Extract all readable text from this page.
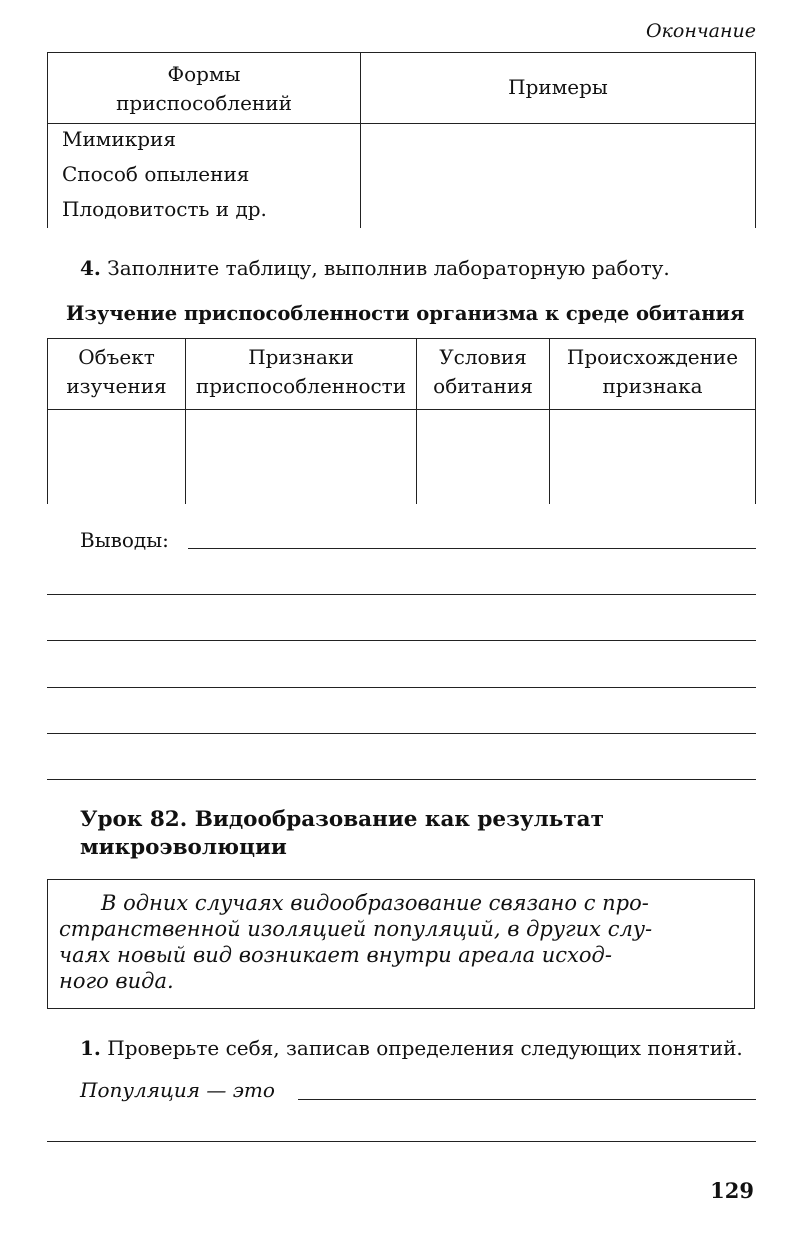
Окончание
Формы
приспособлений
Примеры
Мимикрия
Способ опыления
Плодовитость и др.
4. Заполните таблицу, выполнив лабораторную работу.
Изучение приспособленности организма к среде обитания
Объект
изучения
Признаки
приспособленности
Условия
обитания
Происхождение
признака
Выводы:
Урок 82. Видообразование как результат
микроэволюции
В одних случаях видообразование связано с про-
странственной изоляцией популяций, в других слу-
чаях новый вид возникает внутри ареала исход-
ного вида.
1. Проверьте себя, записав определения следующих понятий.
Популяция — это
129
